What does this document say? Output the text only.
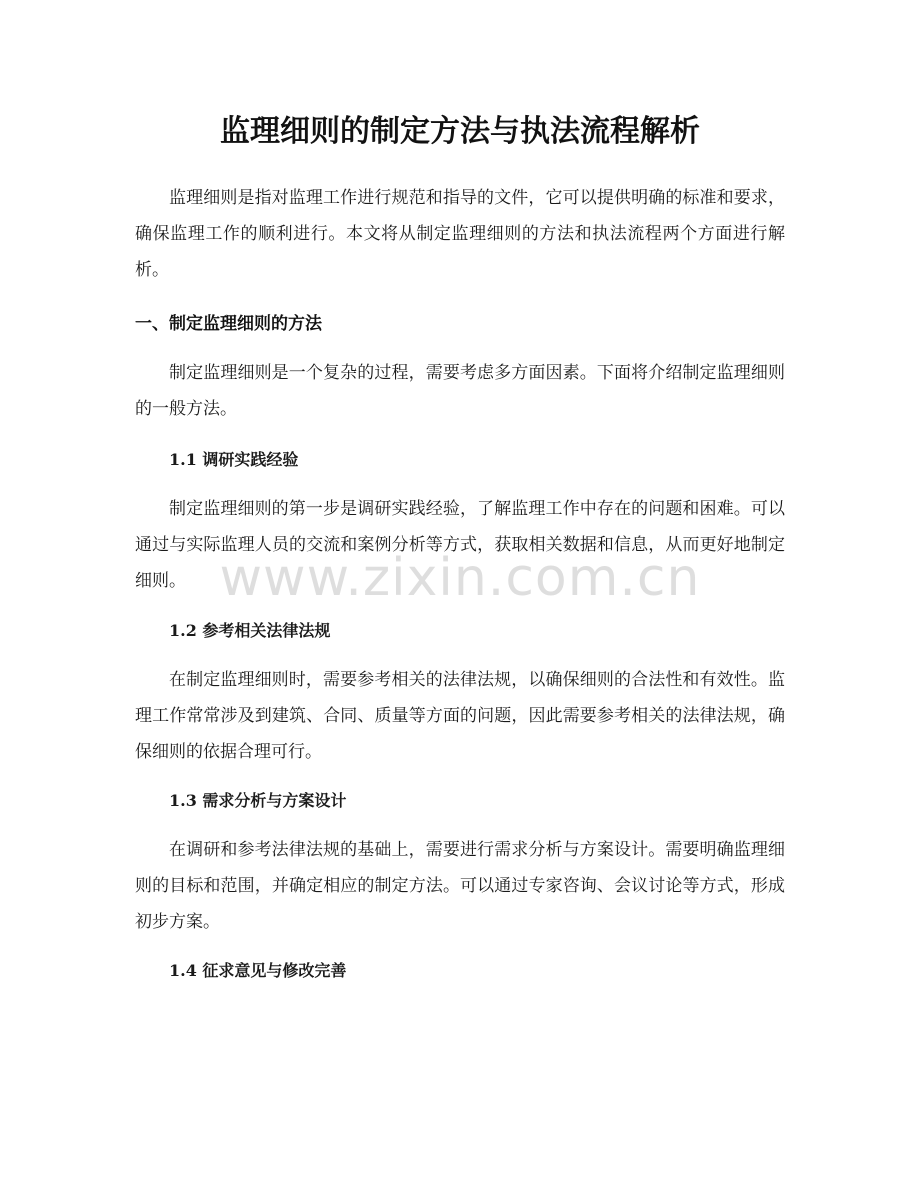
监理细则的制定方法与执法流程解析

监理细则是指对监理工作进行规范和指导的文件，它可以提供明确的标准和要求，确保监理工作的顺利进行。本文将从制定监理细则的方法和执法流程两个方面进行解析。

一、制定监理细则的方法

制定监理细则是一个复杂的过程，需要考虑多方面因素。下面将介绍制定监理细则的一般方法。

1.1 调研实践经验

制定监理细则的第一步是调研实践经验，了解监理工作中存在的问题和困难。可以通过与实际监理人员的交流和案例分析等方式，获取相关数据和信息，从而更好地制定细则。

1.2 参考相关法律法规

在制定监理细则时，需要参考相关的法律法规，以确保细则的合法性和有效性。监理工作常常涉及到建筑、合同、质量等方面的问题，因此需要参考相关的法律法规，确保细则的依据合理可行。

1.3 需求分析与方案设计

在调研和参考法律法规的基础上，需要进行需求分析与方案设计。需要明确监理细则的目标和范围，并确定相应的制定方法。可以通过专家咨询、会议讨论等方式，形成初步方案。

1.4 征求意见与修改完善
www.zixin.com.cn
